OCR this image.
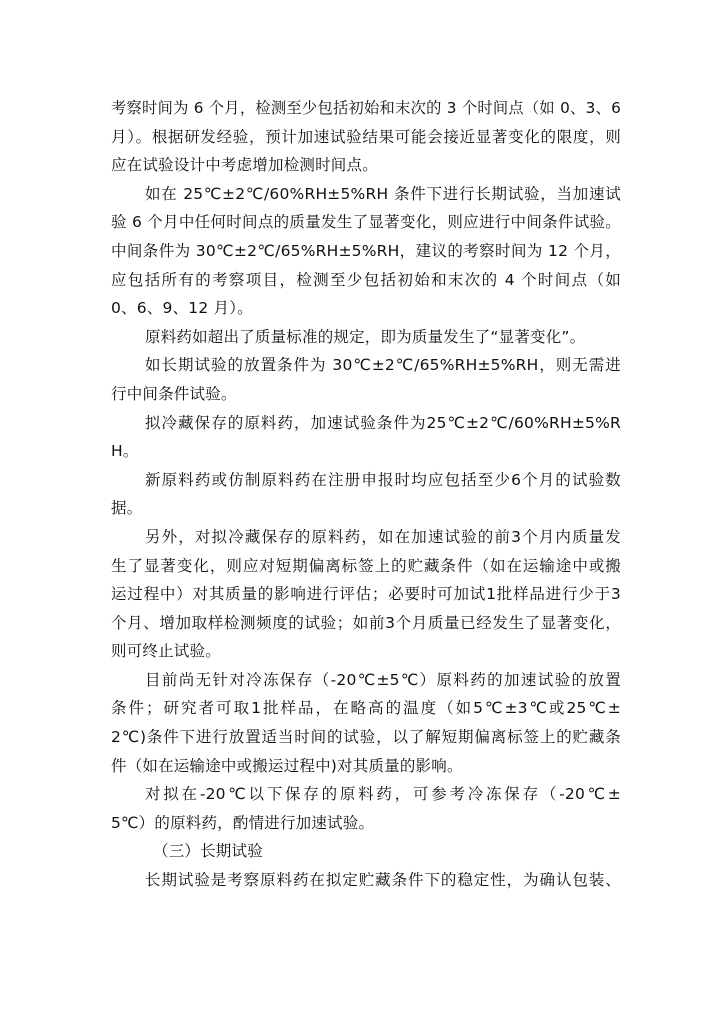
考察时间为 6 个月，检测至少包括初始和末次的 3 个时间点（如 0、3、6
月）。根据研发经验，预计加速试验结果可能会接近显著变化的限度，则
应在试验设计中考虑增加检测时间点。
如在 25℃±2℃/60%RH±5%RH 条件下进行长期试验，当加速试
验 6 个月中任何时间点的质量发生了显著变化，则应进行中间条件试验。
中间条件为 30℃±2℃/65%RH±5%RH，建议的考察时间为 12 个月，
应包括所有的考察项目，检测至少包括初始和末次的 4 个时间点（如
0、6、9、12 月）。
原料药如超出了质量标准的规定，即为质量发生了“显著变化”。
如长期试验的放置条件为 30℃±2℃/65%RH±5%RH，则无需进
行中间条件试验。
拟冷藏保存的原料药，加速试验条件为25℃±2℃/60%RH±5%R
H。
新原料药或仿制原料药在注册申报时均应包括至少6个月的试验数
据。
另外，对拟冷藏保存的原料药，如在加速试验的前3个月内质量发
生了显著变化，则应对短期偏离标签上的贮藏条件（如在运输途中或搬
运过程中）对其质量的影响进行评估；必要时可加试1批样品进行少于3
个月、增加取样检测频度的试验；如前3个月质量已经发生了显著变化，
则可终止试验。
目前尚无针对冷冻保存（-20℃±5℃）原料药的加速试验的放置
条件；研究者可取1批样品，在略高的温度（如5℃±3℃或25℃±
2℃)条件下进行放置适当时间的试验，以了解短期偏离标签上的贮藏条
件（如在运输途中或搬运过程中)对其质量的影响。
对拟在-20℃以下保存的原料药，可参考冷冻保存（-20℃±
5℃）的原料药，酌情进行加速试验。
（三）长期试验
长期试验是考察原料药在拟定贮藏条件下的稳定性，为确认包装、
